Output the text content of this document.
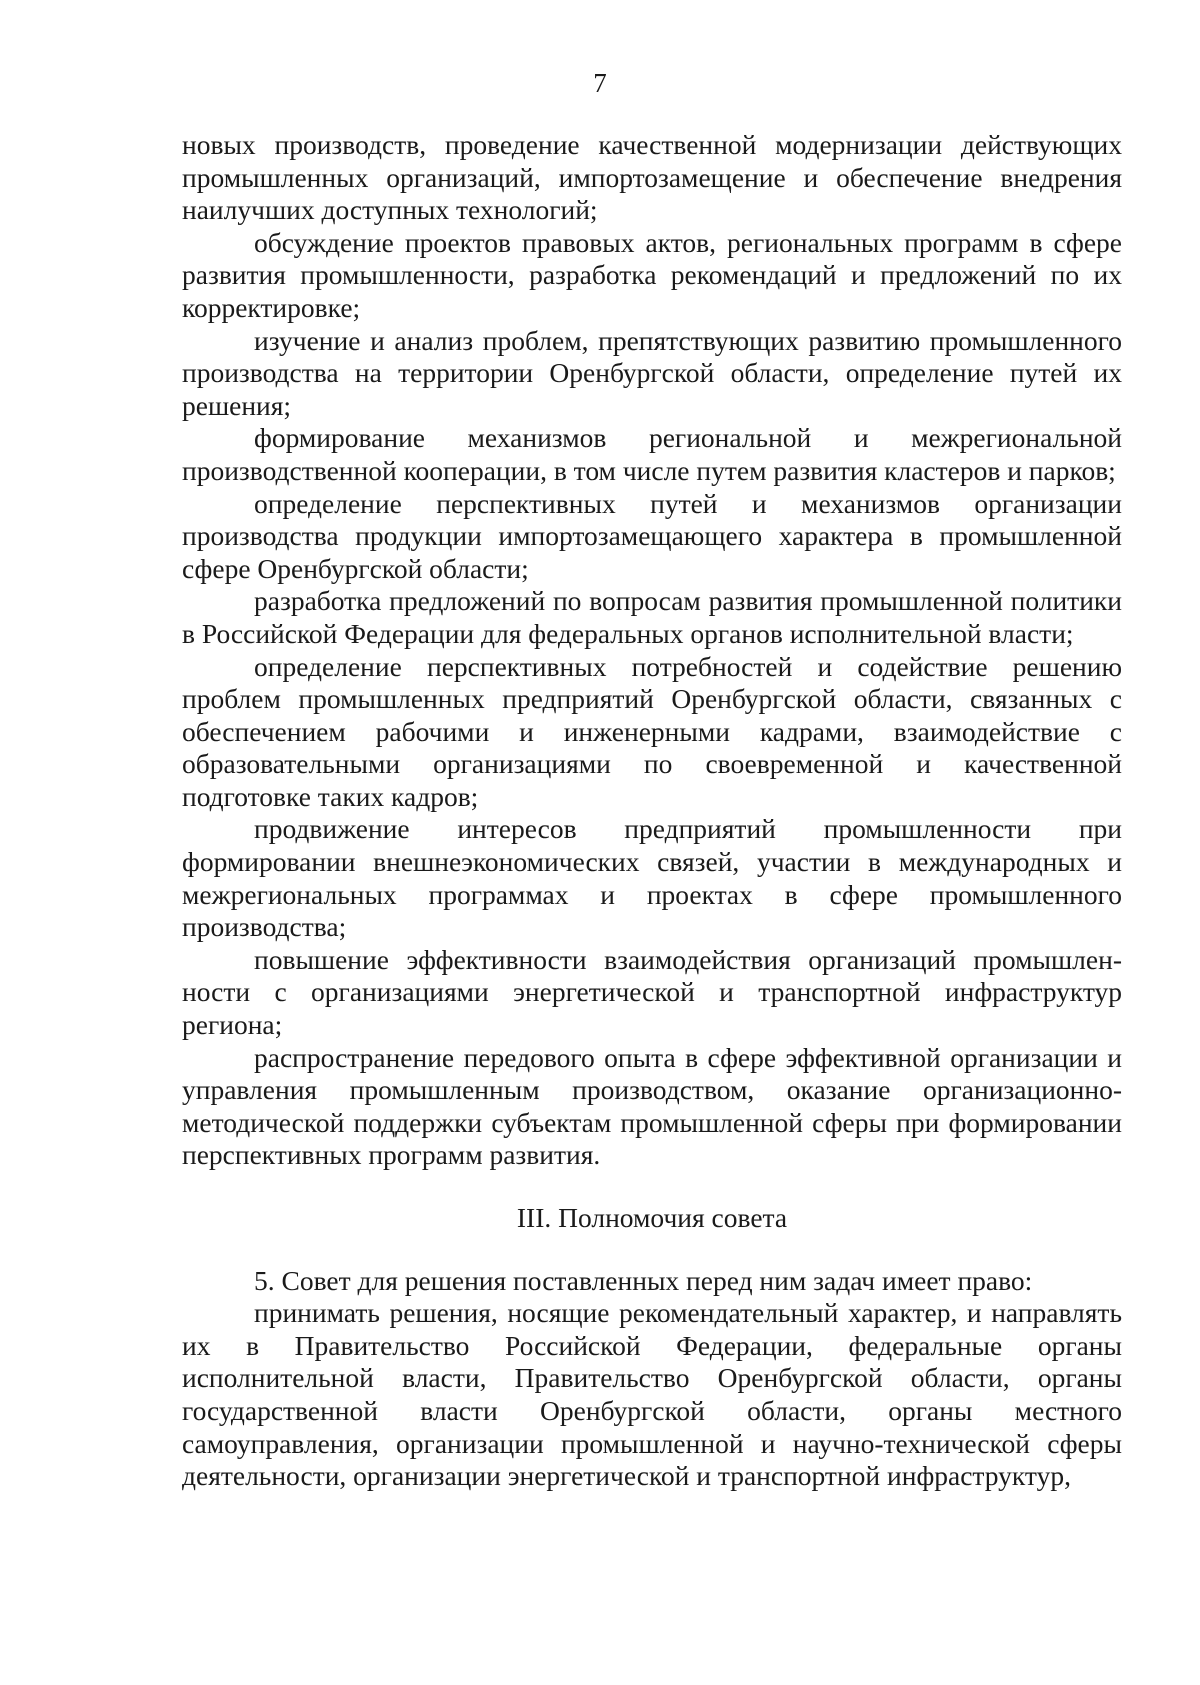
7

новых производств, проведение качественной модернизации действующих промышленных организаций, импортозамещение и обеспечение внедрения наилучших доступных технологий;

обсуждение проектов правовых актов, региональных программ в сфере развития промышленности, разработка рекомендаций и предложений по их корректировке;

изучение и анализ проблем, препятствующих развитию промышленного производства на территории Оренбургской области, определение путей их решения;

формирование механизмов региональной и межрегиональной производственной кооперации, в том числе путем развития кластеров и парков;

определение перспективных путей и механизмов организации производства продукции импортозамещающего характера в промышленной сфере Оренбургской области;

разработка предложений по вопросам развития промышленной политики в Российской Федерации для федеральных органов исполнительной власти;

определение перспективных потребностей и содействие решению проблем промышленных предприятий Оренбургской области, связанных с обеспечением рабочими и инженерными кадрами, взаимодействие с образовательными организациями по своевременной и качественной подготовке таких кадров;

продвижение интересов предприятий промышленности при формировании внешнеэкономических связей, участии в международных и межрегиональных программах и проектах в сфере промышленного производства;

повышение эффективности взаимодействия организаций промышленности с организациями энергетической и транспортной инфраструктур региона;

распространение передового опыта в сфере эффективной организации и управления промышленным производством, оказание организационно-методической поддержки субъектам промышленной сферы при формировании перспективных программ развития.

III. Полномочия совета

5. Совет для решения поставленных перед ним задач имеет право:

принимать решения, носящие рекомендательный характер, и направлять их в Правительство Российской Федерации, федеральные органы исполнительной власти, Правительство Оренбургской области, органы государственной власти Оренбургской области, органы местного самоуправления, организации промышленной и научно-технической сферы деятельности, организации энергетической и транспортной инфраструктур,
